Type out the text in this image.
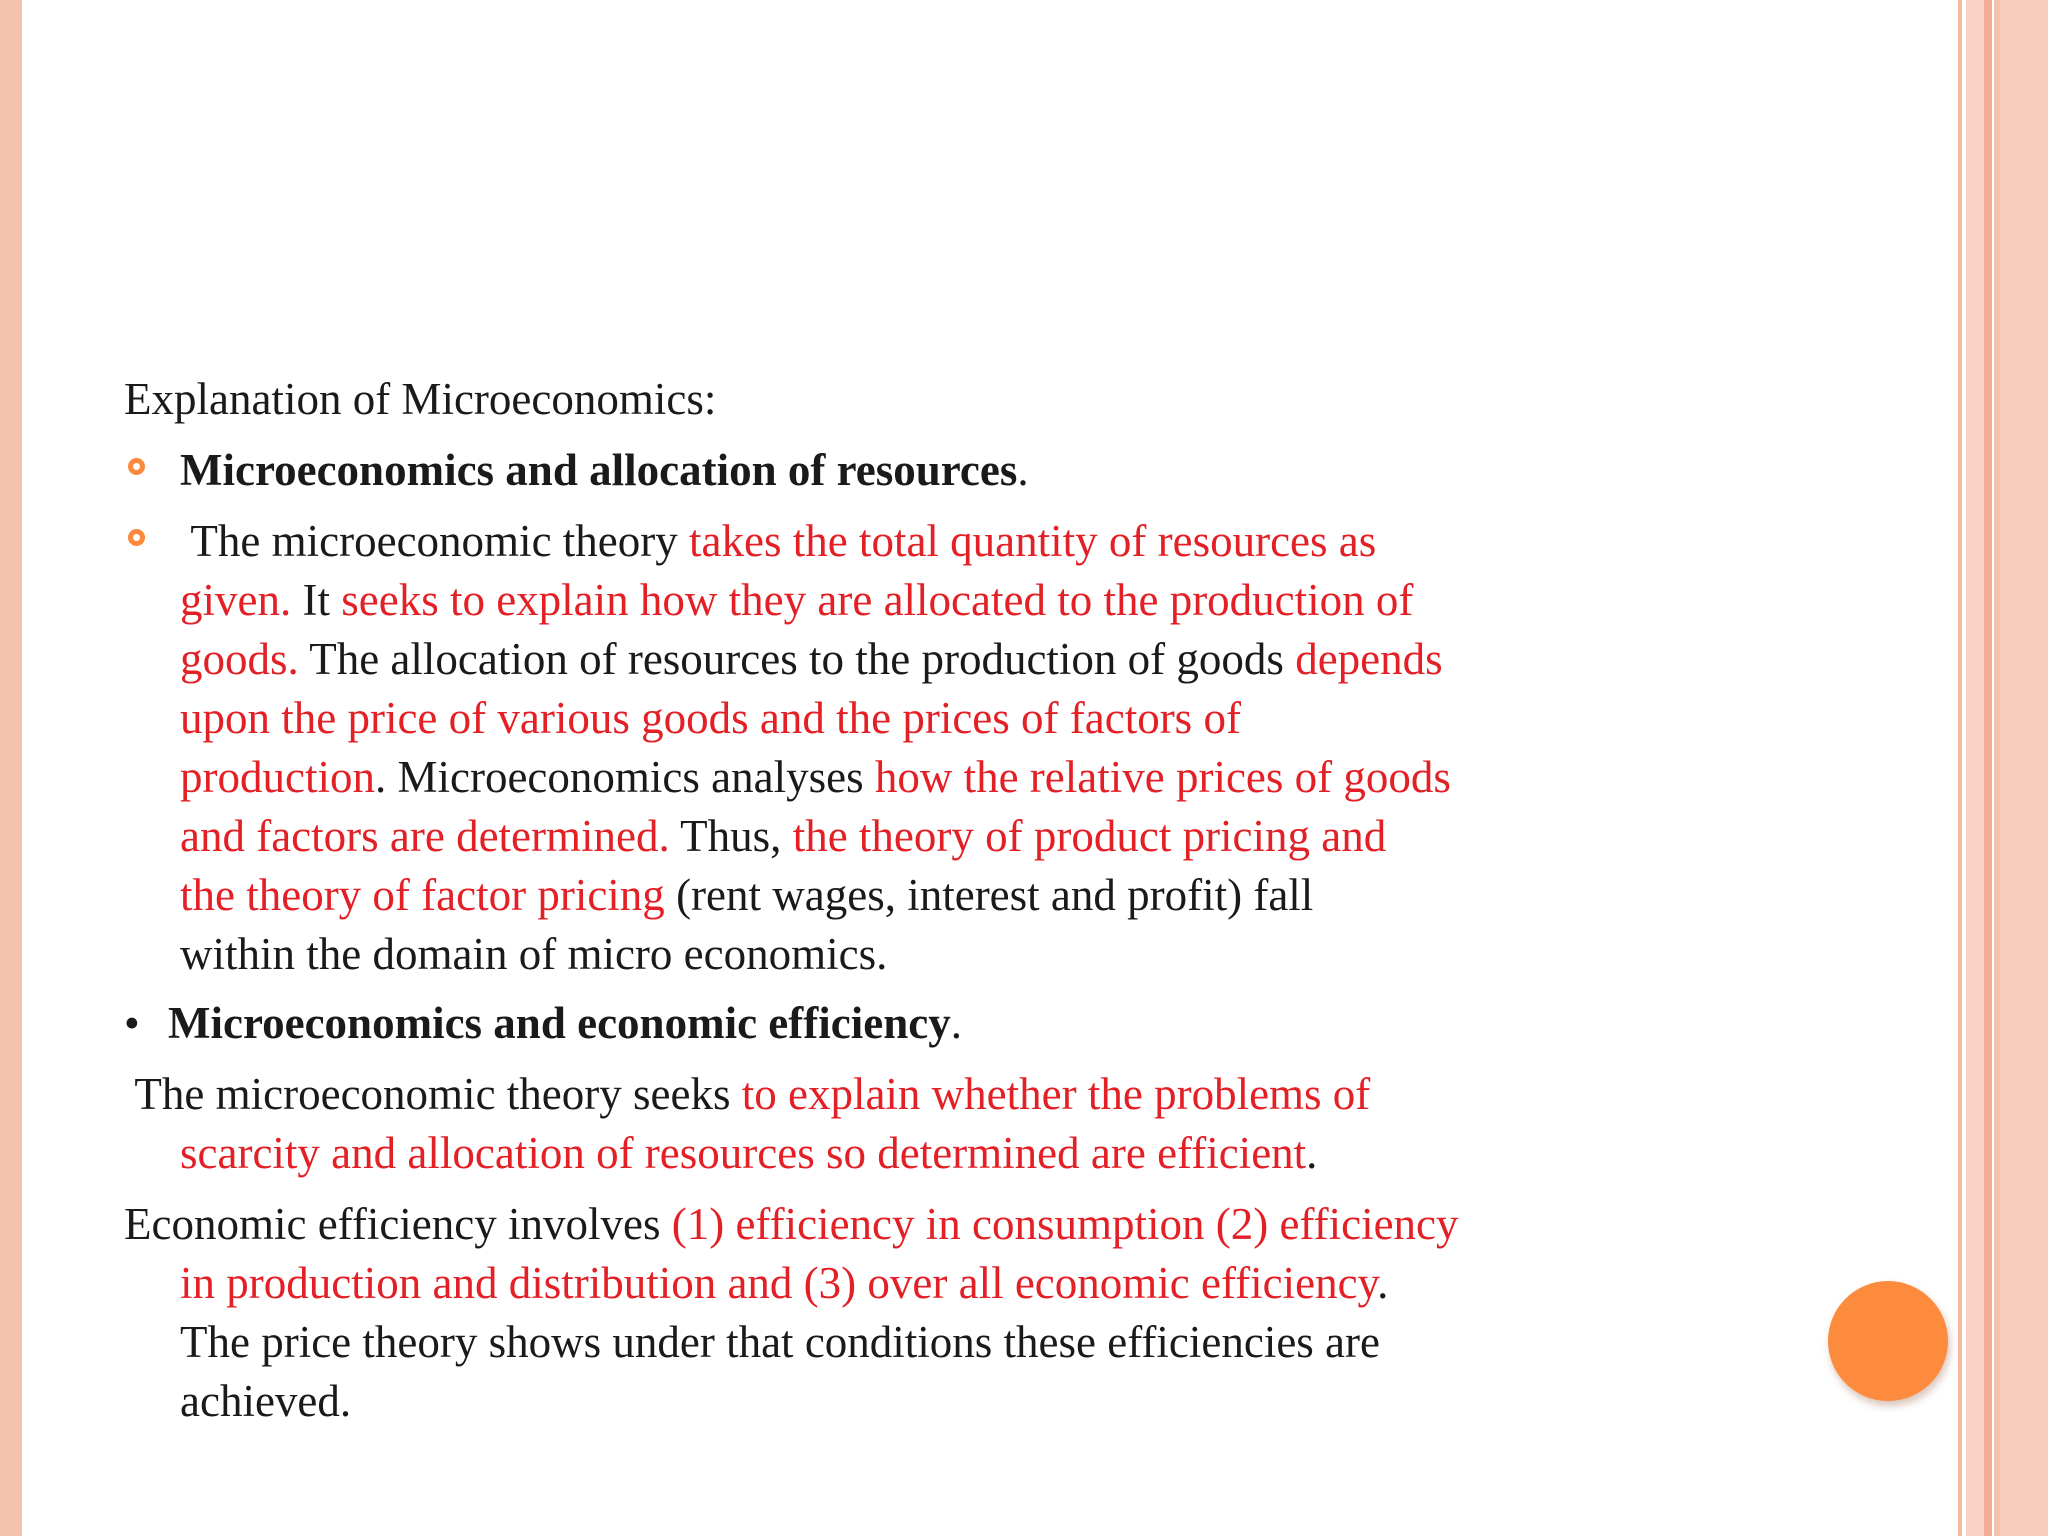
Explanation of Microeconomics:
Microeconomics and allocation of resources.
The microeconomic theory takes the total quantity of resources as
given. It seeks to explain how they are allocated to the production of
goods. The allocation of resources to the production of goods depends
upon the price of various goods and the prices of factors of
production. Microeconomics analyses how the relative prices of goods
and factors are determined. Thus, the theory of product pricing and
the theory of factor pricing (rent wages, interest and profit) fall
within the domain of micro economics.
• Microeconomics and economic efficiency.
The microeconomic theory seeks to explain whether the problems of
scarcity and allocation of resources so determined are efficient.
Economic efficiency involves (1) efficiency in consumption (2) efficiency
in production and distribution and (3) over all economic efficiency.
The price theory shows under that conditions these efficiencies are
achieved.
